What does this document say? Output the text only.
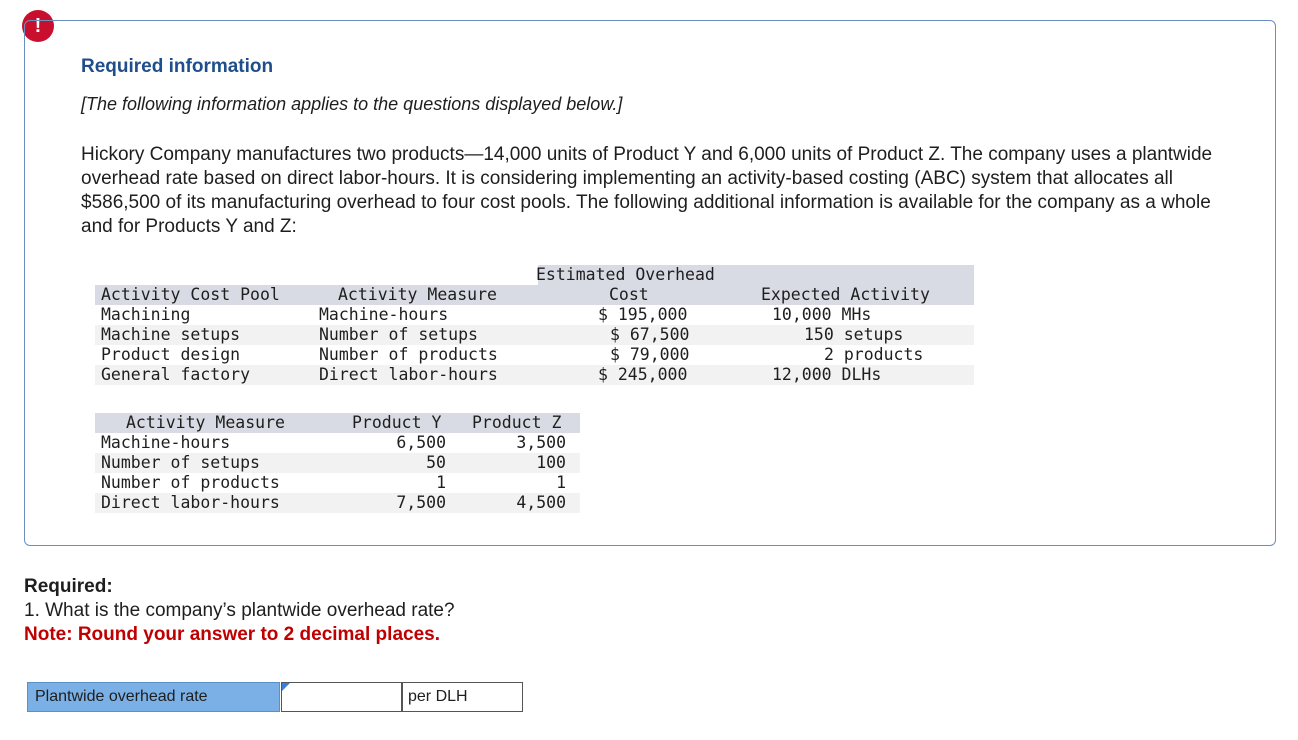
!
Required information
[The following information applies to the questions displayed below.]
Hickory Company manufactures two products—14,000 units of Product Y and 6,000 units of Product Z. The company uses a plantwide overhead rate based on direct labor-hours. It is considering implementing an activity-based costing (ABC) system that allocates all $586,500 of its manufacturing overhead to four cost pools. The following additional information is available for the company as a whole and for Products Y and Z:
Estimated Overhead
Activity Cost Pool	Activity Measure	Cost	Expected Activity
Machining	Machine-hours	$ 195,000	10,000 MHs
Machine setups	Number of setups	$ 67,500	150 setups
Product design	Number of products	$ 79,000	2 products
General factory	Direct labor-hours	$ 245,000	12,000 DLHs
Activity Measure	Product Y Product Z
Machine-hours	6,500	3,500
Number of setups	50	100
Number of products	1	1
Direct labor-hours	7,500	4,500
Required:
1. What is the company’s plantwide overhead rate?
Note: Round your answer to 2 decimal places.
Plantwide overhead rate	per DLH
